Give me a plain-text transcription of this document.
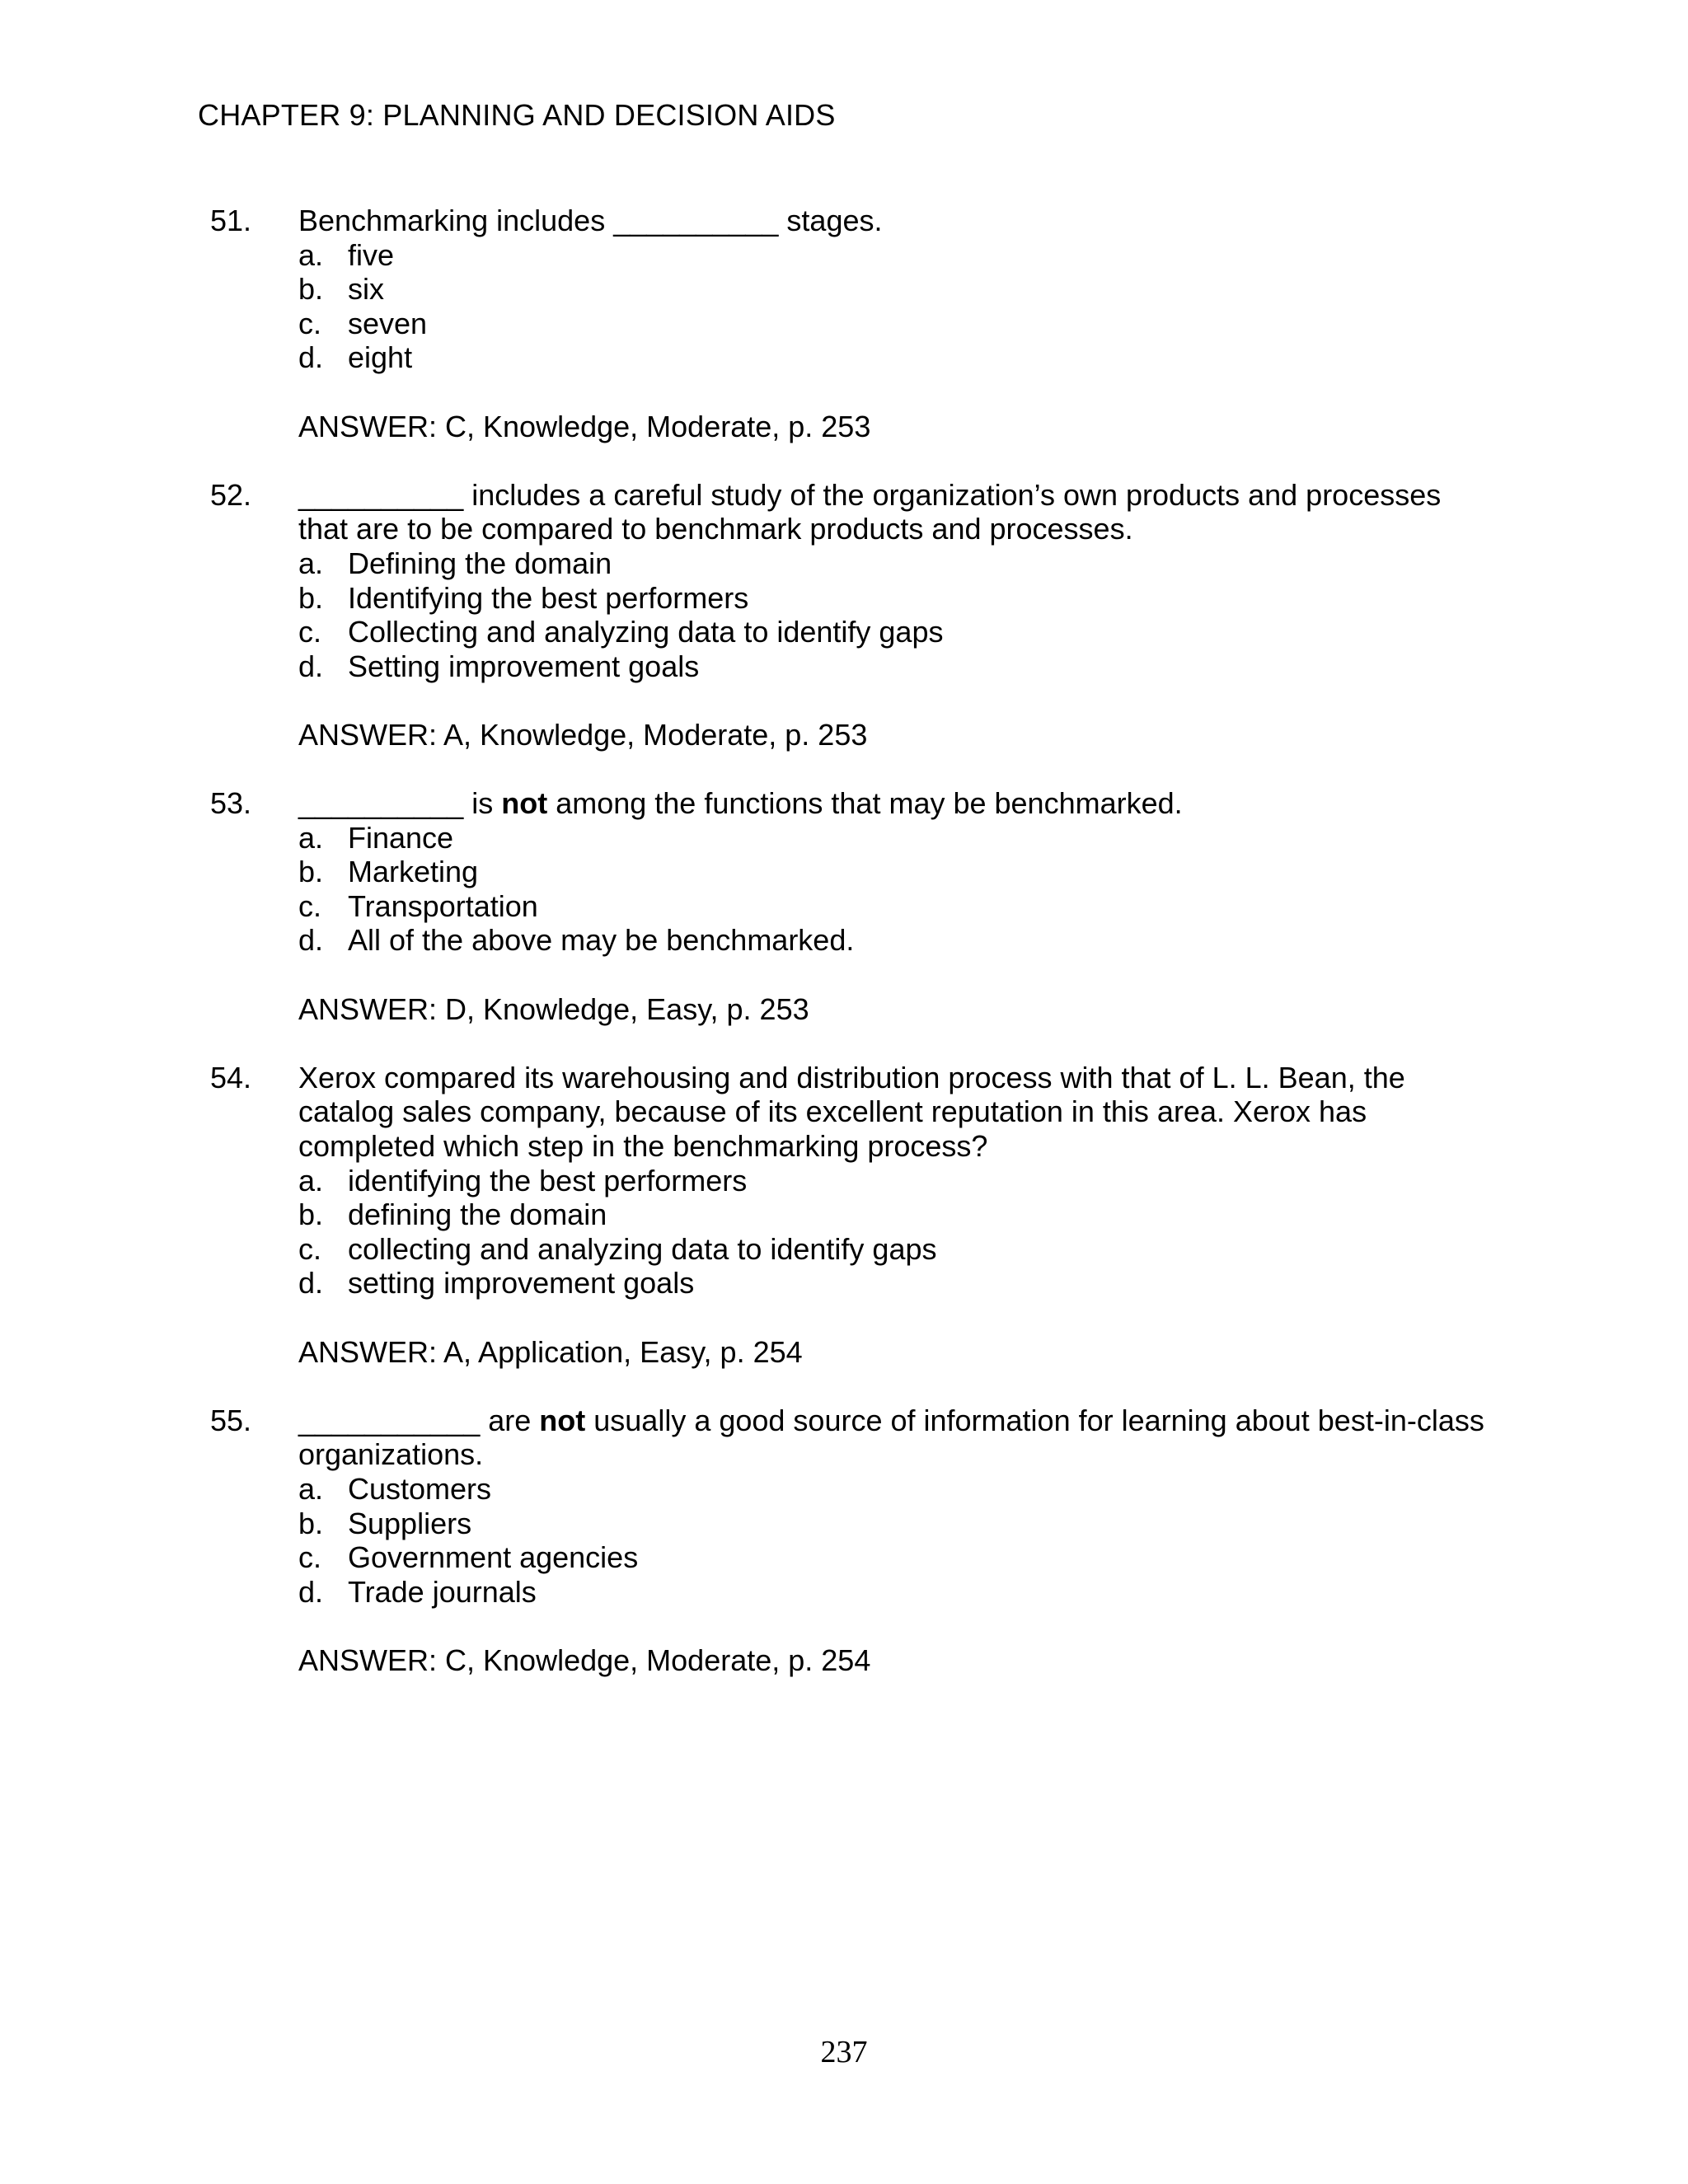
CHAPTER 9: PLANNING AND DECISION AIDS
51. Benchmarking includes __________ stages.
a. five
b. six
c. seven
d. eight
ANSWER: C, Knowledge, Moderate, p. 253
52. __________ includes a careful study of the organization’s own products and processes that are to be compared to benchmark products and processes.
a. Defining the domain
b. Identifying the best performers
c. Collecting and analyzing data to identify gaps
d. Setting improvement goals
ANSWER: A, Knowledge, Moderate, p. 253
53. __________ is not among the functions that may be benchmarked.
a. Finance
b. Marketing
c. Transportation
d. All of the above may be benchmarked.
ANSWER: D, Knowledge, Easy, p. 253
54. Xerox compared its warehousing and distribution process with that of L. L. Bean, the catalog sales company, because of its excellent reputation in this area. Xerox has completed which step in the benchmarking process?
a. identifying the best performers
b. defining the domain
c. collecting and analyzing data to identify gaps
d. setting improvement goals
ANSWER: A, Application, Easy, p. 254
55. ___________ are not usually a good source of information for learning about best-in-class organizations.
a. Customers
b. Suppliers
c. Government agencies
d. Trade journals
ANSWER: C, Knowledge, Moderate, p. 254
237
